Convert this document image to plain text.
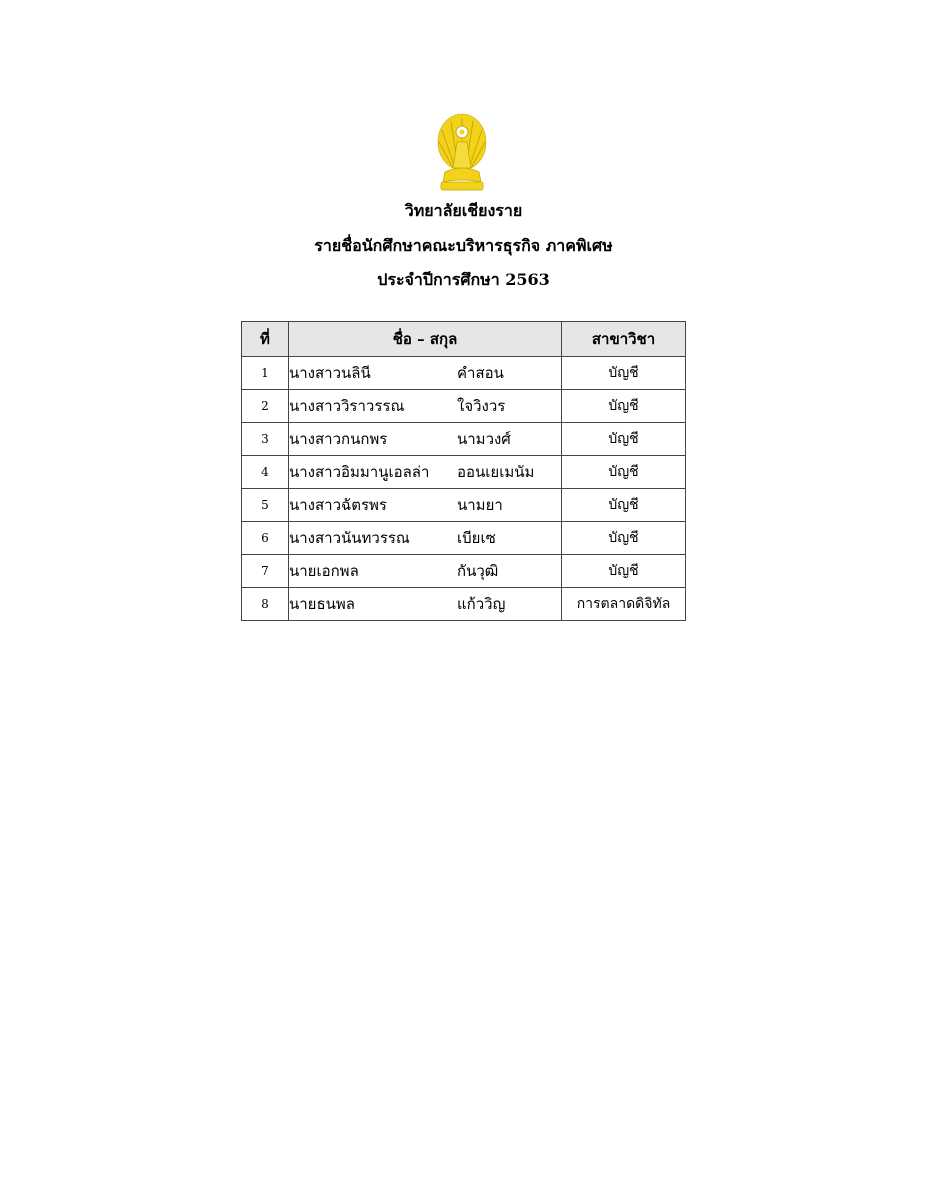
วิทยาลัยเชียงราย
รายชื่อนักศึกษาคณะบริหารธุรกิจ ภาคพิเศษ
ประจำปีการศึกษา 2563
ที่	ชื่อ – สกุล	สาขาวิชา
1	นางสาวนลินี คำสอน	บัญชี
2	นางสาววิราวรรณ ใจวิงวร	บัญชี
3	นางสาวกนกพร นามวงศ์	บัญชี
4	นางสาวอิมมานูเอลล่า ออนเยเมนัม	บัญชี
5	นางสาวฉัตรพร นามยา	บัญชี
6	นางสาวนันทวรรณ เบียเซ	บัญชี
7	นายเอกพล กันวุฒิ	บัญชี
8	นายธนพล แก้ววิญ	การตลาดดิจิทัล
